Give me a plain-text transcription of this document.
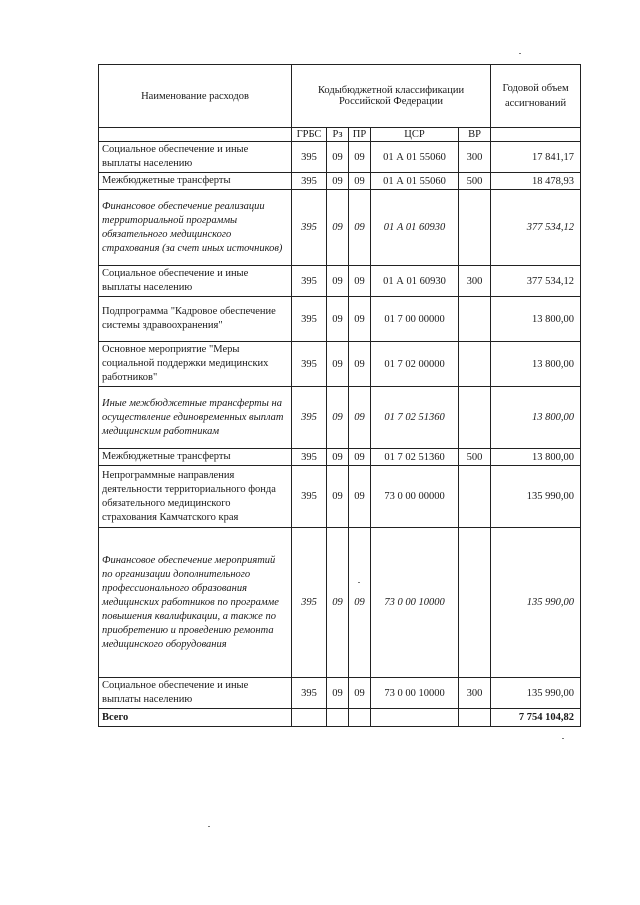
Наименование расходов	Кодыбюджетной классификации Российской Федерации					Годовой объем ассигнований
	ГРБС	Рз	ПР	ЦСР	ВР	
Социальное обеспечение и иные выплаты населению	395	09	09	01 А 01 55060	300	17 841,17
Межбюджетные трансферты	395	09	09	01 А 01 55060	500	18 478,93
Финансовое обеспечение реализации территориальной программы обязательного медицинского страхования (за счет иных источников)	395	09	09	01 А 01 60930		377 534,12
Социальное обеспечение и иные выплаты населению	395	09	09	01 А 01 60930	300	377 534,12
Подпрограмма "Кадровое обеспечение системы здравоохранения"	395	09	09	01 7 00 00000		13 800,00
Основное мероприятие "Меры социальной поддержки медицинских работников"	395	09	09	01 7 02 00000		13 800,00
Иные межбюджетные трансферты на осуществление единовременных выплат медицинским работникам	395	09	09	01 7 02 51360		13 800,00
Межбюджетные трансферты	395	09	09	01 7 02 51360	500	13 800,00
Непрограммные направления деятельности территориального фонда обязательного медицинского страхования Камчатского края	395	09	09	73 0 00 00000		135 990,00
Финансовое обеспечение мероприятий по организации дополнительного профессионального образования медицинских работников по программе повышения квалификации, а также по приобретению и проведению ремонта медицинского оборудования	395	09	09	73 0 00 10000		135 990,00
Социальное обеспечение и иные выплаты населению	395	09	09	73 0 00 10000	300	135 990,00
Всего						7 754 104,82
